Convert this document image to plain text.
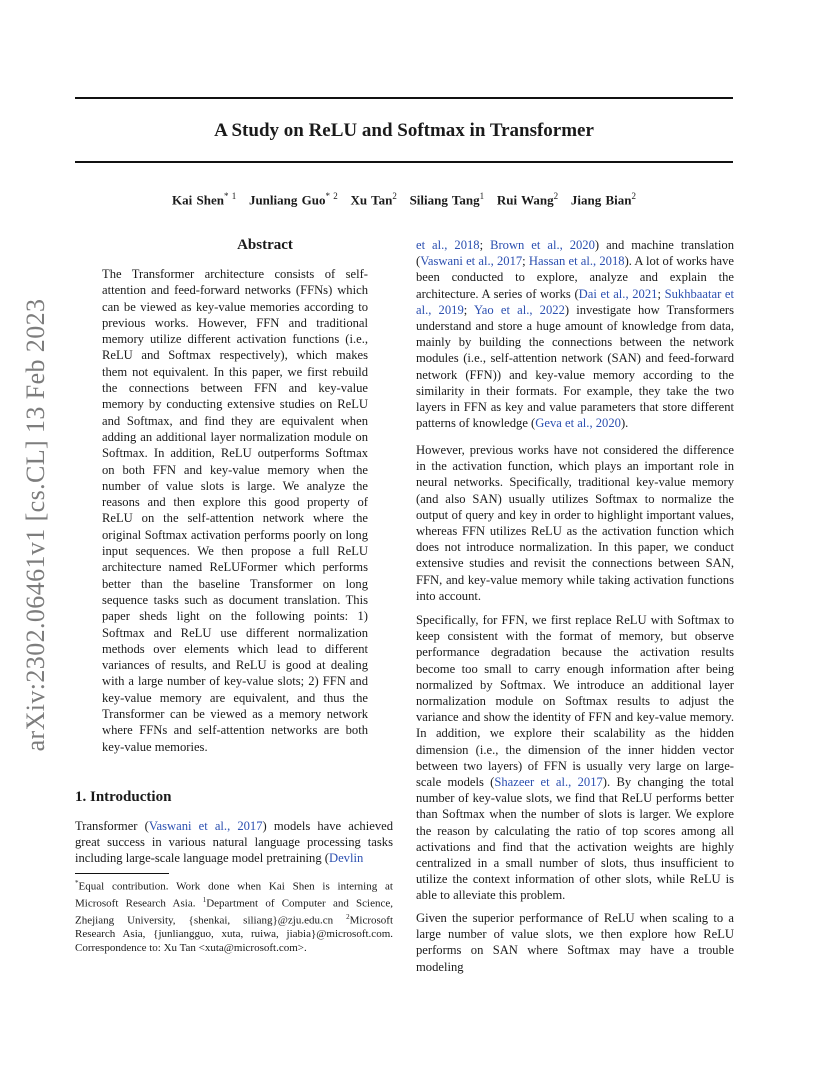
A Study on ReLU and Softmax in Transformer
Kai Shen$^{* 1}$ Junliang Guo$^{* 2}$ Xu Tan$^2$ Siliang Tang$^1$ Rui Wang$^2$ Jiang Bian$^2$
arXiv:2302.06461v1 [cs.CL] 13 Feb 2023
Abstract

The Transformer architecture consists of self-attention and feed-forward networks (FFNs) which can be viewed as key-value memories according to previous works. However, FFN and traditional memory utilize different activation functions (i.e., ReLU and Softmax respectively), which makes them not equivalent. In this paper, we first rebuild the connections between FFN and key-value memory by conducting extensive studies on ReLU and Softmax, and find they are equivalent when adding an additional layer normalization module on Softmax. In addition, ReLU outperforms Softmax on both FFN and key-value memory when the number of value slots is large. We analyze the reasons and then explore this good property of ReLU on the self-attention network where the original Softmax activation performs poorly on long input sequences. We then propose a full ReLU architecture named ReLUFormer which performs better than the baseline Transformer on long sequence tasks such as document translation. This paper sheds light on the following points: 1) Softmax and ReLU use different normalization methods over elements which lead to different variances of results, and ReLU is good at dealing with a large number of key-value slots; 2) FFN and key-value memory are equivalent, and thus the Transformer can be viewed as a memory network where FFNs and self-attention networks are both key-value memories.

1. Introduction

Transformer (Vaswani et al., 2017) models have achieved great success in various natural language processing tasks including large-scale language model pretraining (Devlin

*Equal contribution. Work done when Kai Shen is interning at Microsoft Research Asia. $^1$Department of Computer and Science, Zhejiang University, {shenkai, siliang}@zju.edu.cn $^2$Microsoft Research Asia, {junliangguo, xuta, ruiwa, jiabia}@microsoft.com. Correspondence to: Xu Tan <xuta@microsoft.com>.

et al., 2018; Brown et al., 2020) and machine translation (Vaswani et al., 2017; Hassan et al., 2018). A lot of works have been conducted to explore, analyze and explain the architecture. A series of works (Dai et al., 2021; Sukhbaatar et al., 2019; Yao et al., 2022) investigate how Transformers understand and store a huge amount of knowledge from data, mainly by building the connections between the network modules (i.e., self-attention network (SAN) and feed-forward network (FFN)) and key-value memory according to the similarity in their formats. For example, they take the two layers in FFN as key and value parameters that store different patterns of knowledge (Geva et al., 2020).

However, previous works have not considered the difference in the activation function, which plays an important role in neural networks. Specifically, traditional key-value memory (and also SAN) usually utilizes Softmax to normalize the output of query and key in order to highlight important values, whereas FFN utilizes ReLU as the activation function which does not introduce normalization. In this paper, we conduct extensive studies and revisit the connections between SAN, FFN, and key-value memory while taking activation functions into account.

Specifically, for FFN, we first replace ReLU with Softmax to keep consistent with the format of memory, but observe performance degradation because the activation results become too small to carry enough information after being normalized by Softmax. We introduce an additional layer normalization module on Softmax results to adjust the variance and show the identity of FFN and key-value memory. In addition, we explore their scalability as the hidden dimension (i.e., the dimension of the inner hidden vector between two layers) of FFN is usually very large on large-scale models (Shazeer et al., 2017). By changing the total number of key-value slots, we find that ReLU performs better than Softmax when the number of slots is larger. We explore the reason by calculating the ratio of top scores among all activations and find that the activation weights are highly centralized in a small number of slots, thus insufficient to utilize the context information of other slots, while ReLU is able to alleviate this problem.

Given the superior performance of ReLU when scaling to a large number of value slots, we then explore how ReLU performs on SAN where Softmax may have a trouble modeling
